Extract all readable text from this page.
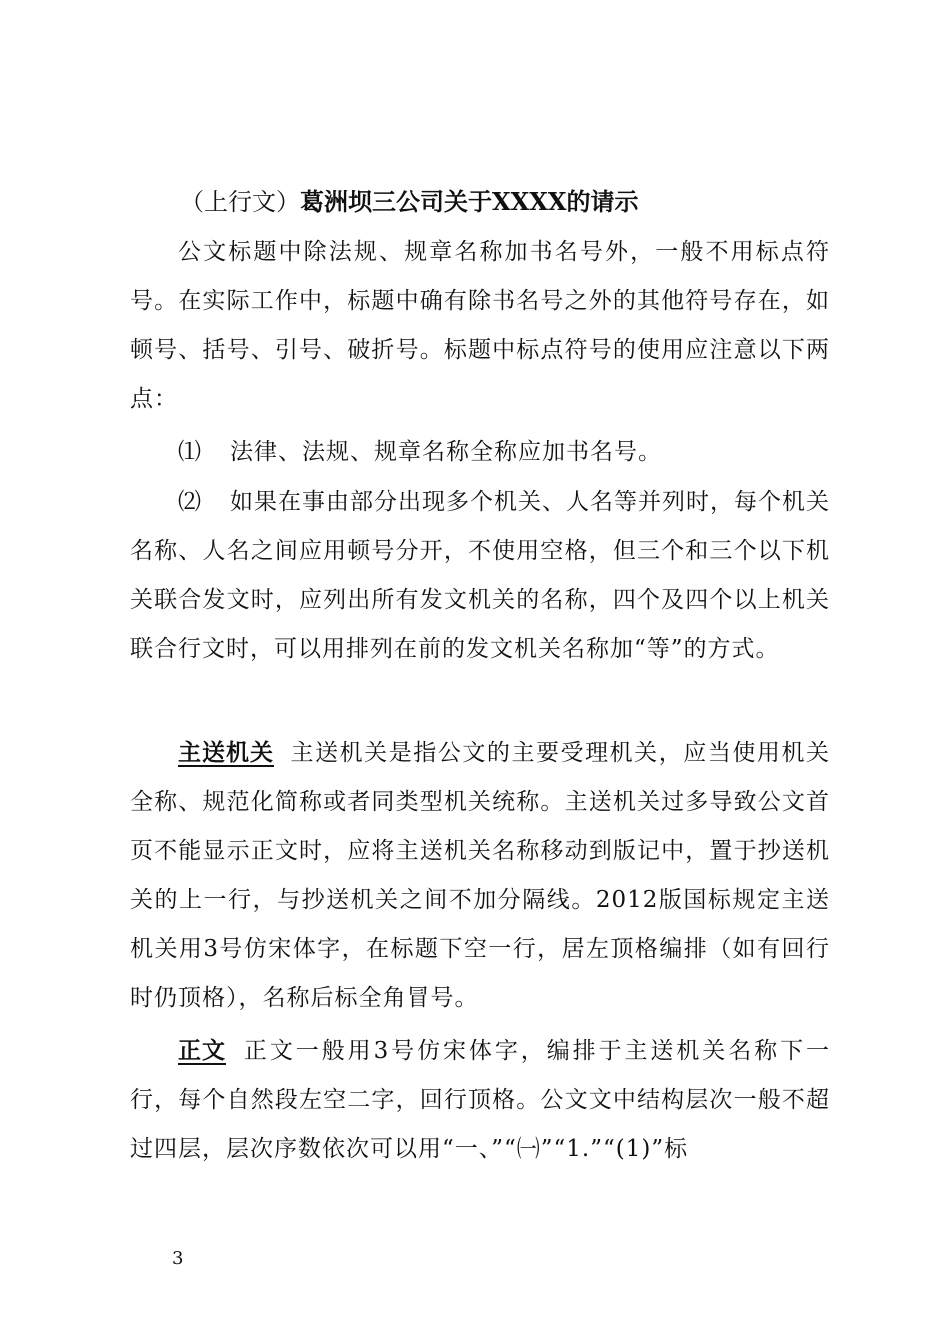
（上行文）葛洲坝三公司关于XXXX的请示
公文标题中除法规、规章名称加书名号外，一般不用标点符号。在实际工作中，标题中确有除书名号之外的其他符号存在，如顿号、括号、引号、破折号。标题中标点符号的使用应注意以下两点：
⑴ 法律、法规、规章名称全称应加书名号。
⑵ 如果在事由部分出现多个机关、人名等并列时，每个机关名称、人名之间应用顿号分开，不使用空格，但三个和三个以下机关联合发文时，应列出所有发文机关的名称，四个及四个以上机关联合行文时，可以用排列在前的发文机关名称加“等”的方式。
主送机关 主送机关是指公文的主要受理机关，应当使用机关全称、规范化简称或者同类型机关统称。主送机关过多导致公文首页不能显示正文时，应将主送机关名称移动到版记中，置于抄送机关的上一行，与抄送机关之间不加分隔线。2012版国标规定主送机关用3号仿宋体字，在标题下空一行，居左顶格编排（如有回行时仍顶格），名称后标全角冒号。
正文 正文一般用3号仿宋体字，编排于主送机关名称下一行，每个自然段左空二字，回行顶格。公文文中结构层次一般不超过四层，层次序数依次可以用“一、”“㈠”“1.”“(1)”标
3
